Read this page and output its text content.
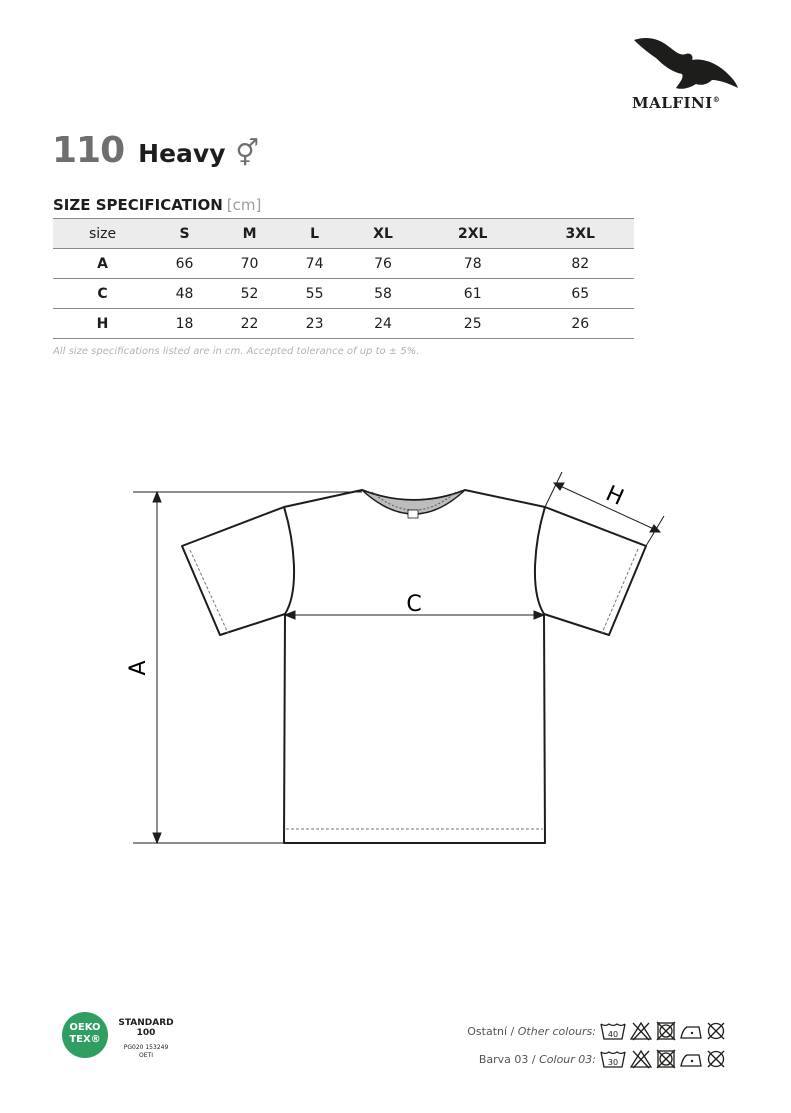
MALFINI®
110 Heavy ⚥
SIZE SPECIFICATION [cm]
size	S	M	L	XL	2XL	3XL
A	66	70	74	76	78	82
C	48	52	55	58	61	65
H	18	22	23	24	25	26
All size specifications listed are in cm. Accepted tolerance of up to ± 5%.
A
C
H
OEKO
TEX®
STANDARD
100
PG020 153249
OETI
Ostatní / Other colours: 40
Barva 03 / Colour 03: 30
